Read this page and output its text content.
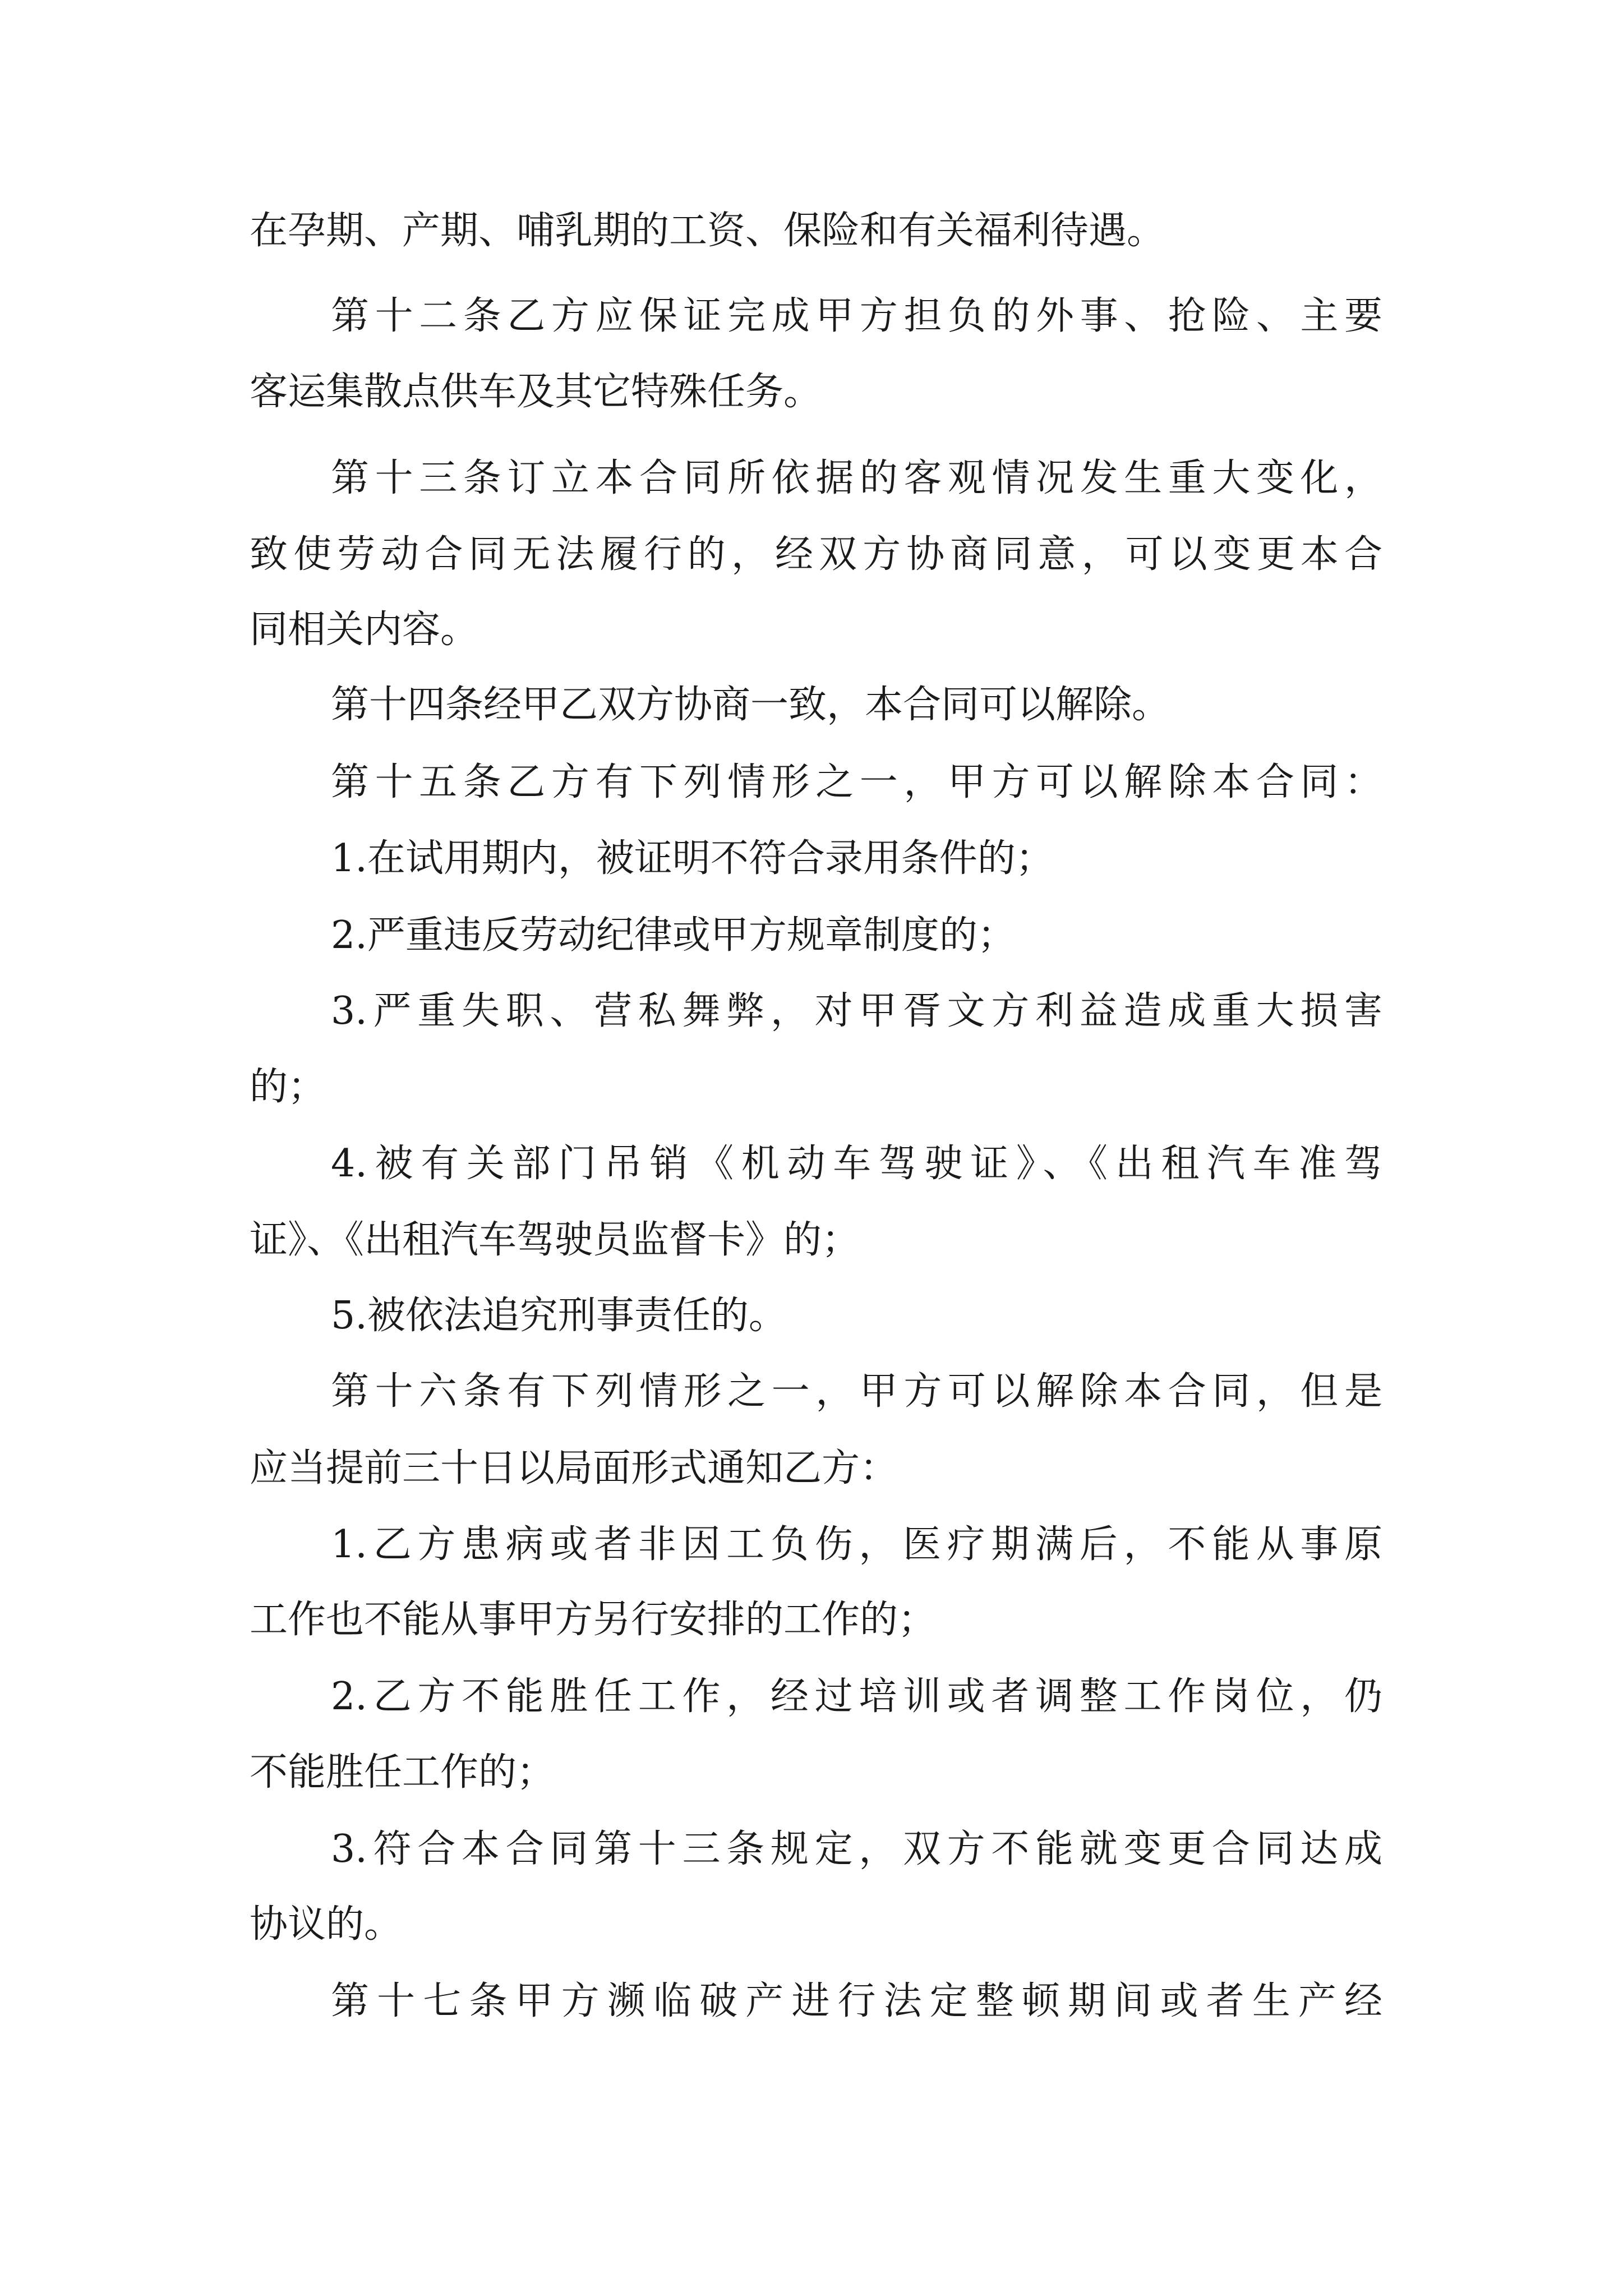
在孕期、产期、哺乳期的工资、保险和有关福利待遇。
第十二条乙方应保证完成甲方担负的外事、抢险、主要
客运集散点供车及其它特殊任务。
第十三条订立本合同所依据的客观情况发生重大变化，
致使劳动合同无法履行的，经双方协商同意，可以变更本合
同相关内容。
第十四条经甲乙双方协商一致，本合同可以解除。
第十五条乙方有下列情形之一，甲方可以解除本合同：
1.在试用期内，被证明不符合录用条件的；
2.严重违反劳动纪律或甲方规章制度的；
3.严重失职、营私舞弊，对甲胥文方利益造成重大损害
的；
4.被有关部门吊销《机动车驾驶证》、《出租汽车准驾
证》、《出租汽车驾驶员监督卡》的；
5.被依法追究刑事责任的。
第十六条有下列情形之一，甲方可以解除本合同，但是
应当提前三十日以局面形式通知乙方：
1.乙方患病或者非因工负伤，医疗期满后，不能从事原
工作也不能从事甲方另行安排的工作的；
2.乙方不能胜任工作，经过培训或者调整工作岗位，仍
不能胜任工作的；
3.符合本合同第十三条规定，双方不能就变更合同达成
协议的。
第十七条甲方濒临破产进行法定整顿期间或者生产经
